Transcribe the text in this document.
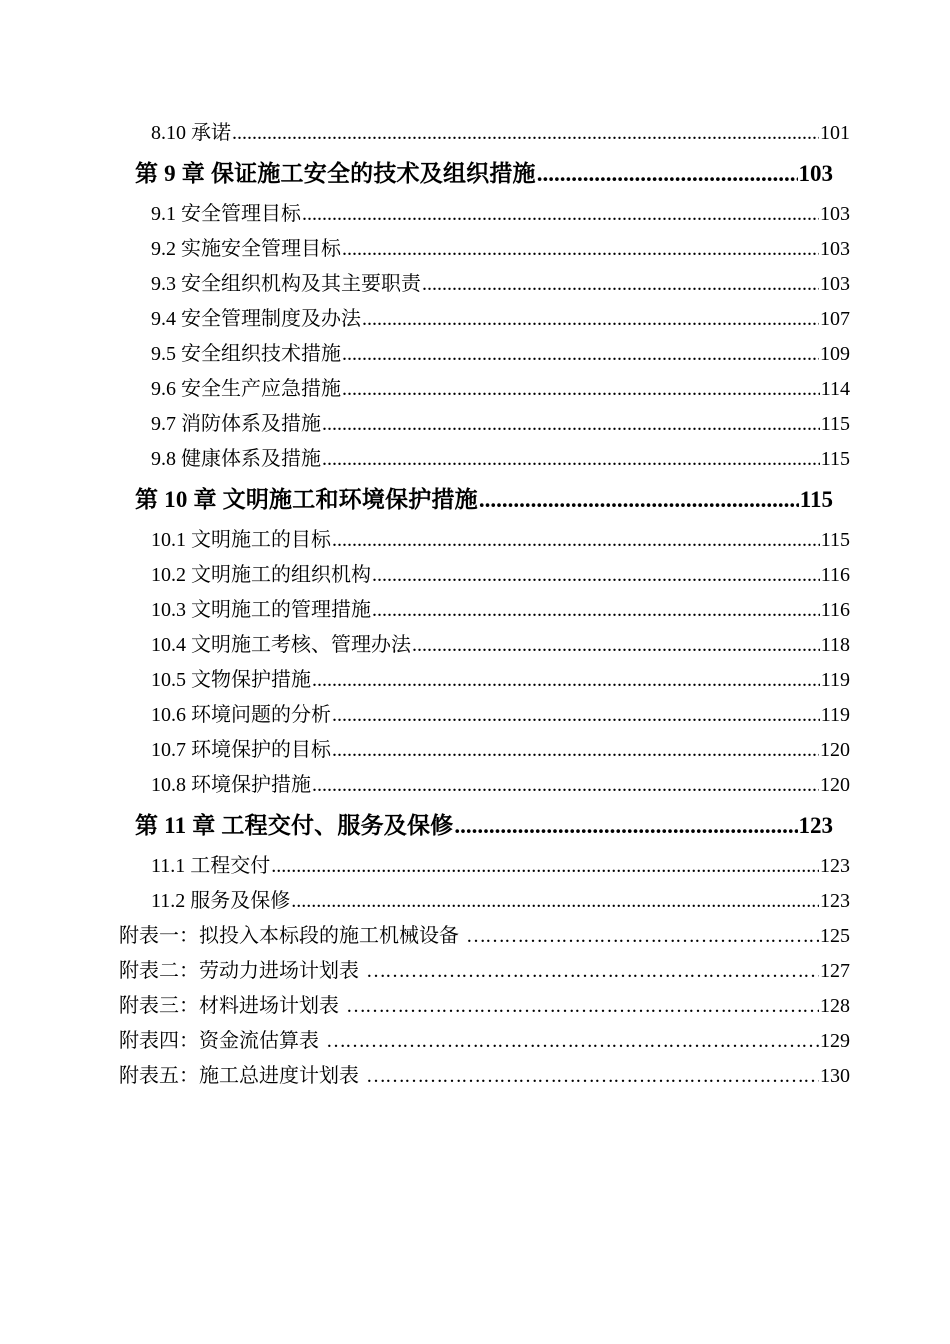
8.10 承诺 .....	101
第 9 章 保证施工安全的技术及组织措施 .....	103
9.1 安全管理目标 .....	103
9.2 实施安全管理目标 .....	103
9.3 安全组织机构及其主要职责 .....	103
9.4 安全管理制度及办法 .....	107
9.5 安全组织技术措施 .....	109
9.6 安全生产应急措施 .....	114
9.7 消防体系及措施 .....	115
9.8 健康体系及措施 .....	115
第 10 章 文明施工和环境保护措施 .....	115
10.1 文明施工的目标 .....	115
10.2 文明施工的组织机构 .....	116
10.3 文明施工的管理措施 .....	116
10.4 文明施工考核、管理办法 .....	118
10.5 文物保护措施 .....	119
10.6 环境问题的分析 .....	119
10.7 环境保护的目标 .....	120
10.8 环境保护措施 .....	120
第 11 章 工程交付、服务及保修 .....	123
11.1 工程交付 .....	123
11.2 服务及保修 .....	123
附表一：拟投入本标段的施工机械设备 ……………………………………………………………………………………………………………………………………………………………………	125
附表二：劳动力进场计划表 ……………………………………………………………………………………………………………………………………………………………………	127
附表三：材料进场计划表 ……………………………………………………………………………………………………………………………………………………………………	128
附表四：资金流估算表 ……………………………………………………………………………………………………………………………………………………………………	129
附表五：施工总进度计划表 ……………………………………………………………………………………………………………………………………………………………………	130
